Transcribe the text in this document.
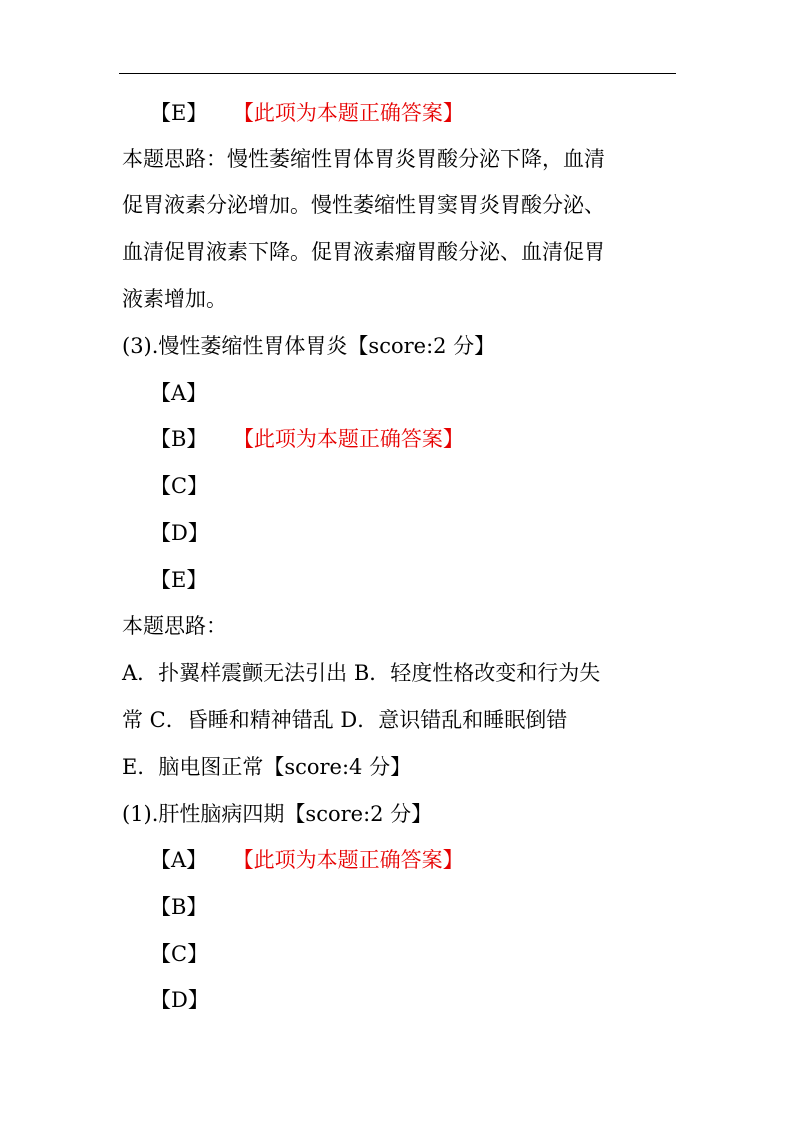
【E】 【此项为本题正确答案】
本题思路：慢性萎缩性胃体胃炎胃酸分泌下降，血清
促胃液素分泌增加。慢性萎缩性胃窦胃炎胃酸分泌、
血清促胃液素下降。促胃液素瘤胃酸分泌、血清促胃
液素增加。
(3).慢性萎缩性胃体胃炎【score:2 分】
【A】
【B】 【此项为本题正确答案】
【C】
【D】
【E】
本题思路：
A．扑翼样震颤无法引出 B．轻度性格改变和行为失
常 C．昏睡和精神错乱 D．意识错乱和睡眠倒错
E．脑电图正常【score:4 分】
(1).肝性脑病四期【score:2 分】
【A】 【此项为本题正确答案】
【B】
【C】
【D】
